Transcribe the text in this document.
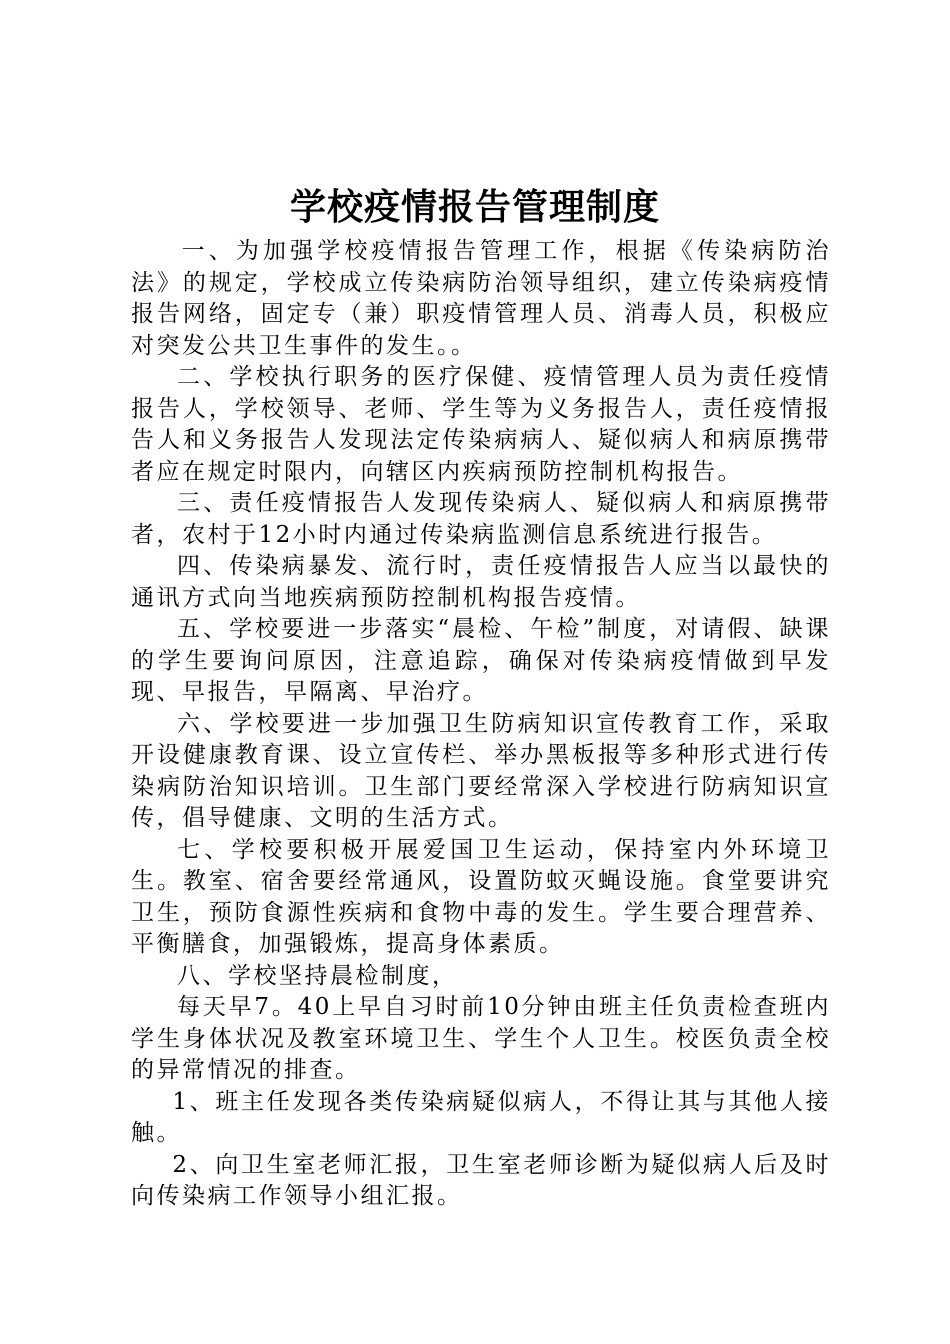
学校疫情报告管理制度

一、为加强学校疫情报告管理工作，根据《传染病防治法》的规定，学校成立传染病防治领导组织，建立传染病疫情报告网络，固定专（兼）职疫情管理人员、消毒人员，积极应对突发公共卫生事件的发生。。

二、学校执行职务的医疗保健、疫情管理人员为责任疫情报告人，学校领导、老师、学生等为义务报告人，责任疫情报告人和义务报告人发现法定传染病病人、疑似病人和病原携带者应在规定时限内，向辖区内疾病预防控制机构报告。

三、责任疫情报告人发现传染病人、疑似病人和病原携带者，农村于12小时内通过传染病监测信息系统进行报告。

四、传染病暴发、流行时，责任疫情报告人应当以最快的通讯方式向当地疾病预防控制机构报告疫情。

五、学校要进一步落实“晨检、午检”制度，对请假、缺课的学生要询问原因，注意追踪，确保对传染病疫情做到早发现、早报告，早隔离、早治疗。

六、学校要进一步加强卫生防病知识宣传教育工作，采取开设健康教育课、设立宣传栏、举办黑板报等多种形式进行传染病防治知识培训。卫生部门要经常深入学校进行防病知识宣传，倡导健康、文明的生活方式。

七、学校要积极开展爱国卫生运动，保持室内外环境卫生。教室、宿舍要经常通风，设置防蚊灭蝇设施。食堂要讲究卫生，预防食源性疾病和食物中毒的发生。学生要合理营养、平衡膳食，加强锻炼，提高身体素质。

八、学校坚持晨检制度，

每天早7。40上早自习时前10分钟由班主任负责检查班内学生身体状况及教室环境卫生、学生个人卫生。校医负责全校的异常情况的排查。

1、班主任发现各类传染病疑似病人，不得让其与其他人接触。

2、向卫生室老师汇报，卫生室老师诊断为疑似病人后及时向传染病工作领导小组汇报。
